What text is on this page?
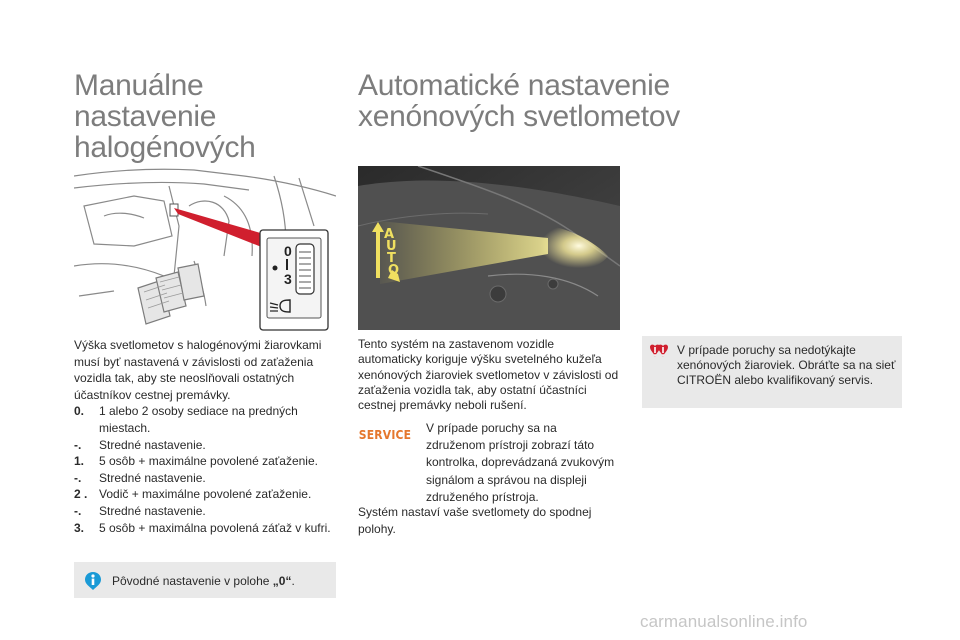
Manuálne nastavenie
halogénových
Automatické nastavenie
xenónových svetlometov
0
3
A
U
T
O

Výška svetlometov s halogénovými žiarovkami musí byť nastavená v závislosti od zaťaženia vozidla tak, aby ste neoslňovali ostatných účastníkov cestnej premávky.

0.	1 alebo 2 osoby sediace na predných miestach.
-.	Stredné nastavenie.
1.	5 osôb + maximálne povolené zaťaženie.
-.	Stredné nastavenie.
2 . Vodič + maximálne povolené zaťaženie.
-.	Stredné nastavenie.
3.	5 osôb + maximálna povolená záťaž v kufri.
Pôvodné nastavenie v polohe „0“.
Tento systém na zastavenom vozidle automaticky koriguje výšku svetelného kužeľa xenónových žiaroviek svetlometov v závislosti od zaťaženia vozidla tak, aby ostatní účastníci cestnej premávky neboli rušení.
SERVICE V prípade poruchy sa na združenom prístroji zobrazí táto kontrolka, doprevádzaná zvukovým signálom a správou na displeji združeného prístroja.
Systém nastaví vaše svetlomety do spodnej polohy.
V prípade poruchy sa nedotýkajte xenónových žiaroviek. Obráťte sa na sieť CITROËN alebo kvalifikovaný servis.
carmanualsonline.info
